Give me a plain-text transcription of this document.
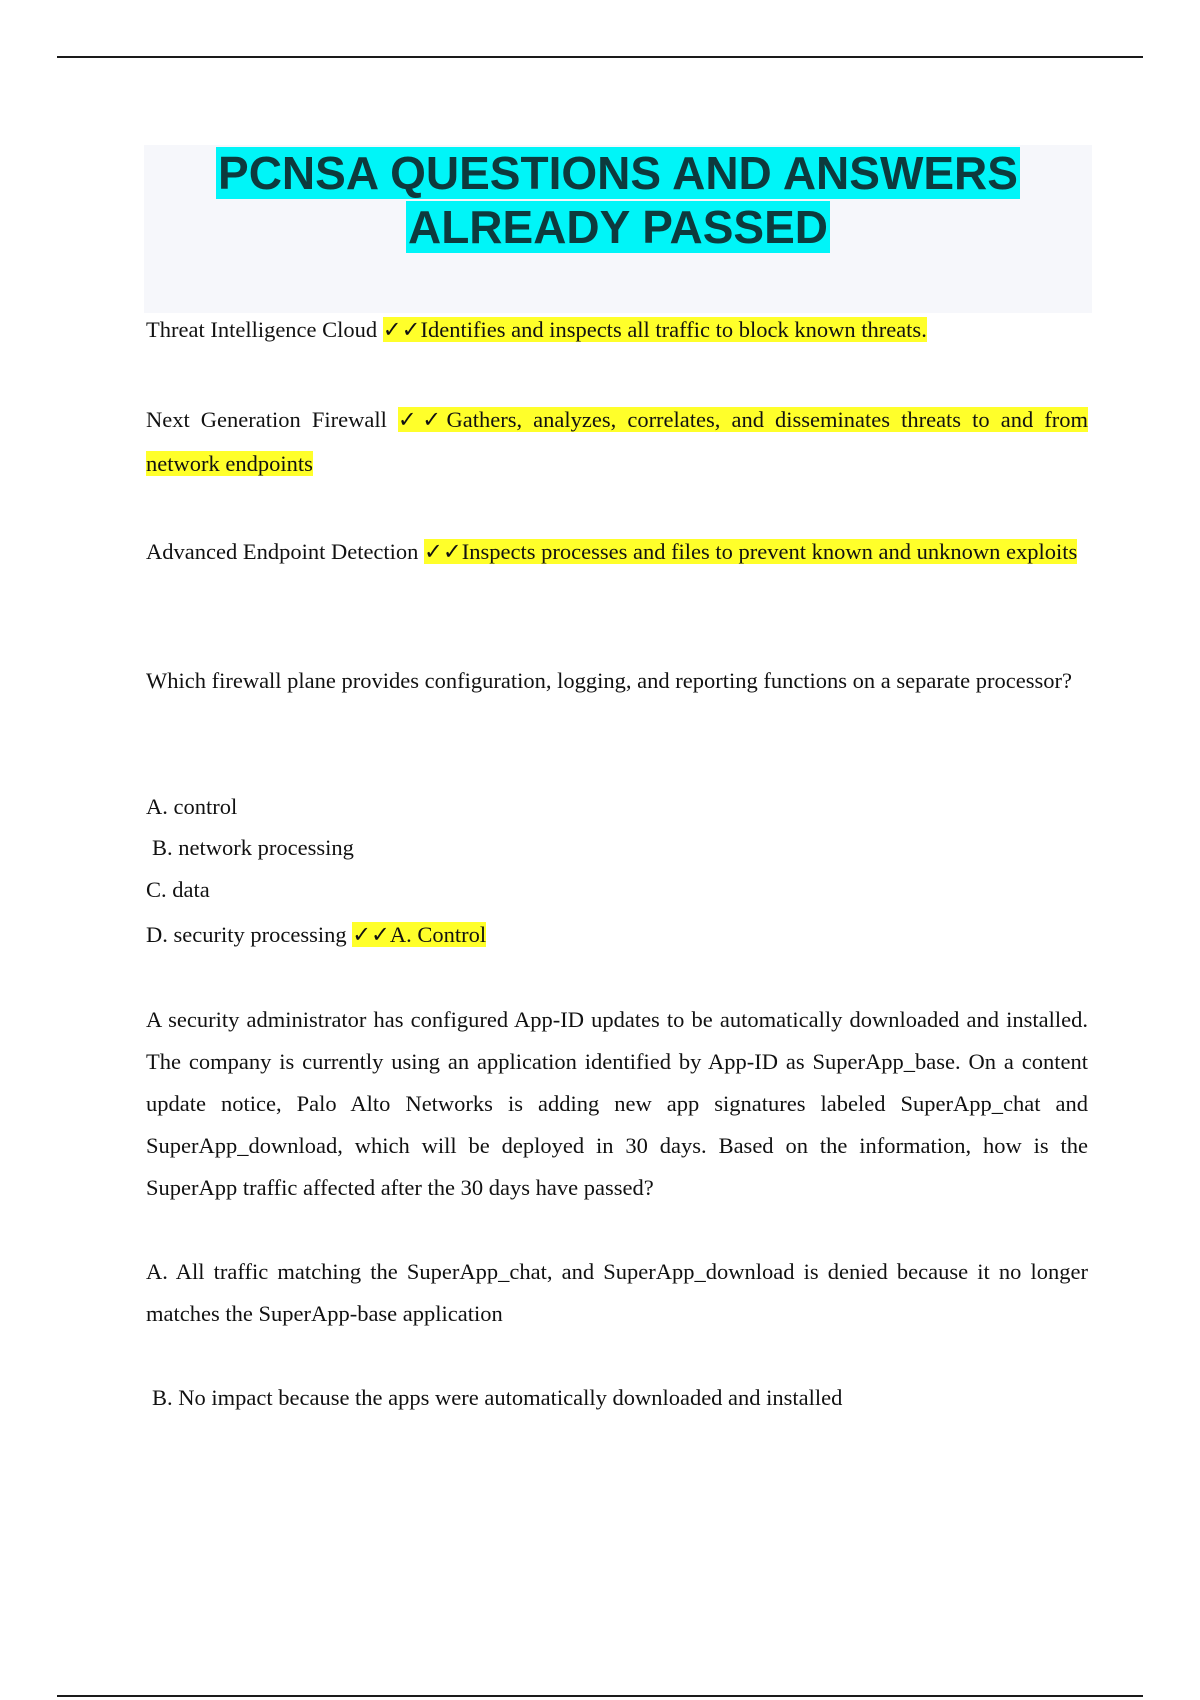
PCNSA QUESTIONS AND ANSWERS
ALREADY PASSED
Threat Intelligence Cloud ✓✓Identifies and inspects all traffic to block known threats.
Next Generation Firewall ✓✓Gathers, analyzes, correlates, and disseminates threats to and from network endpoints
Advanced Endpoint Detection ✓✓Inspects processes and files to prevent known and unknown exploits
Which firewall plane provides configuration, logging, and reporting functions on a separate processor?
A. control
B. network processing
C. data
D. security processing ✓✓A. Control
A security administrator has configured App-ID updates to be automatically downloaded and installed. The company is currently using an application identified by App-ID as SuperApp_base. On a content update notice, Palo Alto Networks is adding new app signatures labeled SuperApp_chat and SuperApp_download, which will be deployed in 30 days. Based on the information, how is the SuperApp traffic affected after the 30 days have passed?
A. All traffic matching the SuperApp_chat, and SuperApp_download is denied because it no longer matches the SuperApp-base application
B. No impact because the apps were automatically downloaded and installed
